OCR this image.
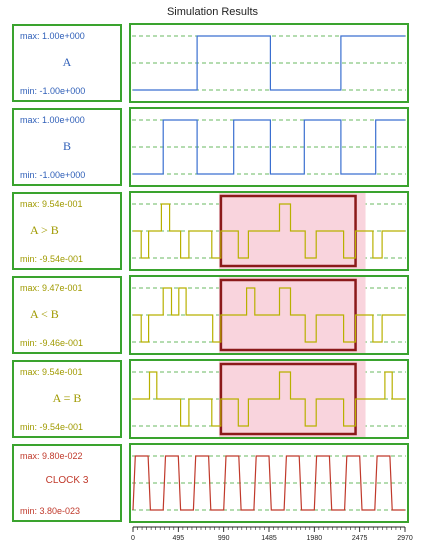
Simulation Results
max: 1.00e+000
A
min: -1.00e+000
max: 1.00e+000
B
min: -1.00e+000
max: 9.54e-001
A > B
min: -9.54e-001
max: 9.47e-001
A < B
min: -9.46e-001
max: 9.54e-001
A = B
min: -9.54e-001
max: 9.80e-022
CLOCK 3
min: 3.80e-023
0	495	990	1485	1980	2475	2970
